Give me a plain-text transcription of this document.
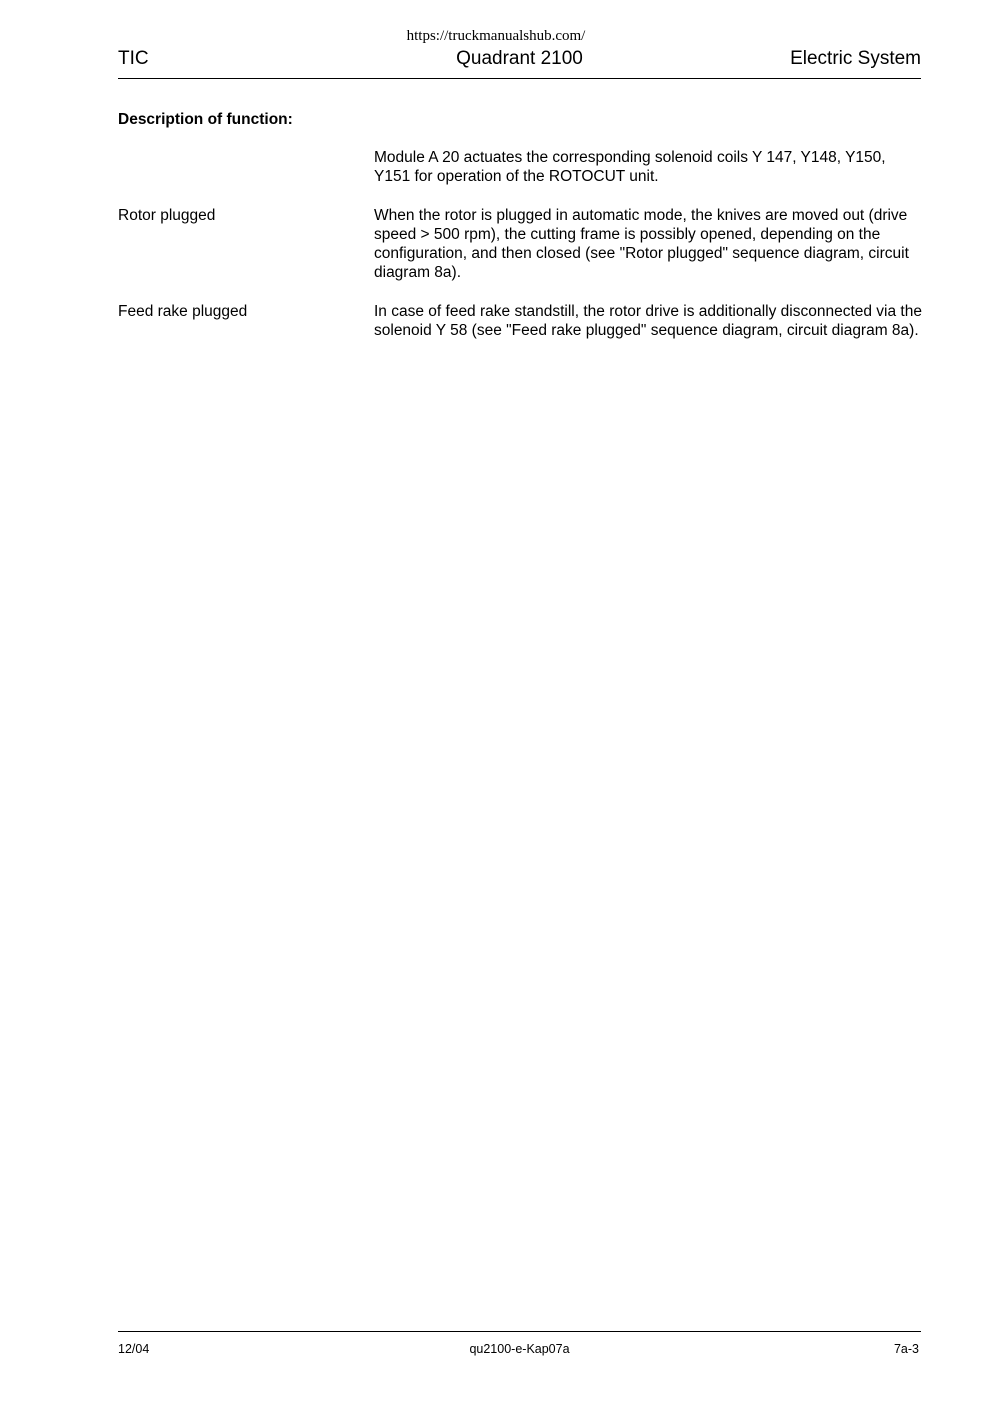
https://truckmanualshub.com/
TIC	Quadrant 2100	Electric System
Description of function:
Module A 20 actuates the corresponding solenoid coils Y 147, Y148, Y150, Y151 for operation of the ROTOCUT unit.
Rotor plugged	When the rotor is plugged in automatic mode, the knives are moved out (drive speed > 500 rpm), the cutting frame is possibly opened, depending on the configuration, and then closed (see "Rotor plugged" sequence diagram, circuit diagram 8a).
Feed rake plugged	In case of feed rake standstill, the rotor drive is additionally disconnected via the solenoid Y 58 (see "Feed rake plugged" sequence diagram, circuit diagram 8a).
12/04	qu2100-e-Kap07a	7a-3
